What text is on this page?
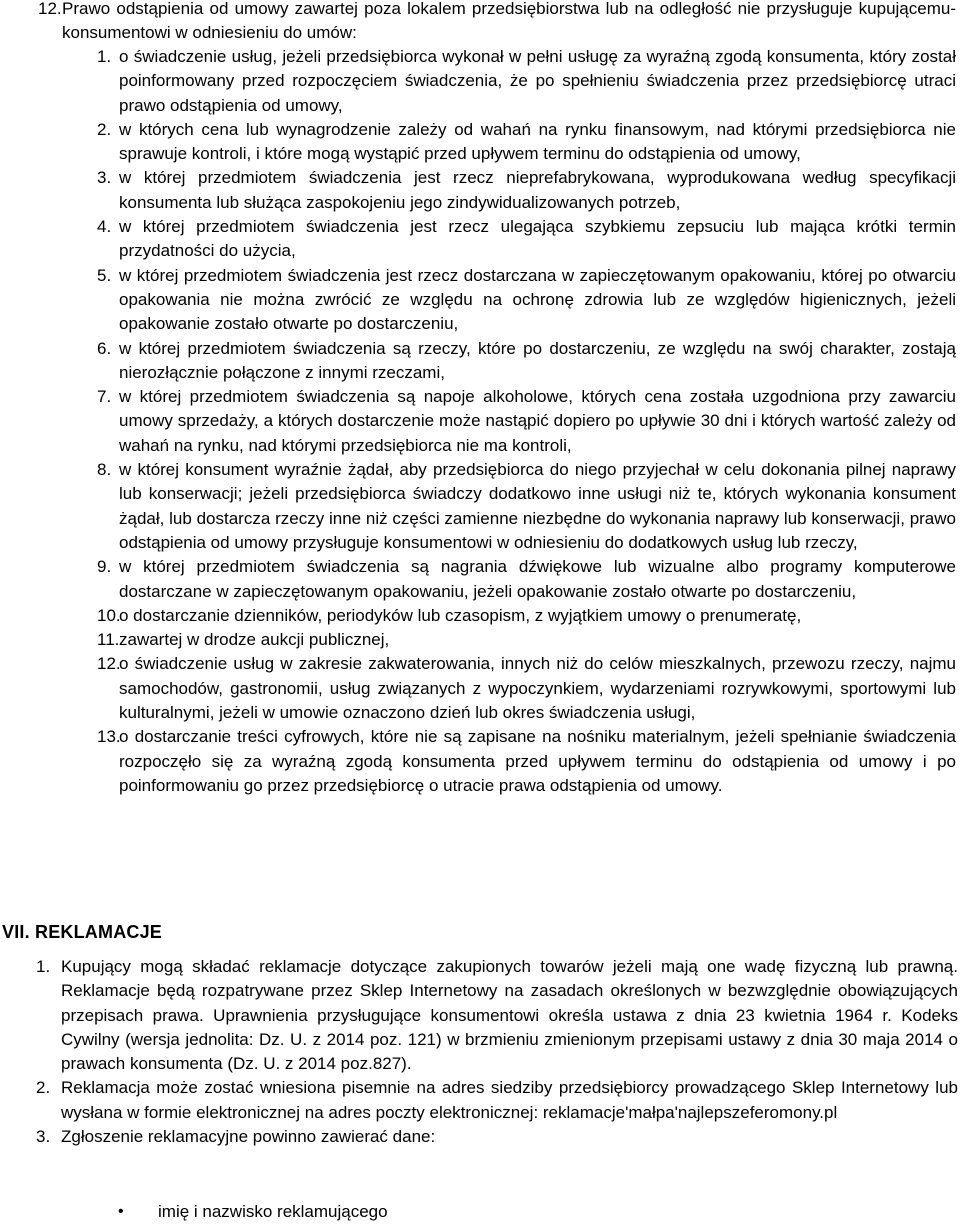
12. Prawo odstąpienia od umowy zawartej poza lokalem przedsiębiorstwa lub na odległość nie przysługuje kupującemu-konsumentowi w odniesieniu do umów:
1. o świadczenie usług, jeżeli przedsiębiorca wykonał w pełni usługę za wyraźną zgodą konsumenta, który został poinformowany przed rozpoczęciem świadczenia, że po spełnieniu świadczenia przez przedsiębiorcę utraci prawo odstąpienia od umowy,
2. w których cena lub wynagrodzenie zależy od wahań na rynku finansowym, nad którymi przedsiębiorca nie sprawuje kontroli, i które mogą wystąpić przed upływem terminu do odstąpienia od umowy,
3. w której przedmiotem świadczenia jest rzecz nieprefabrykowana, wyprodukowana według specyfikacji konsumenta lub służąca zaspokojeniu jego zindywidualizowanych potrzeb,
4. w której przedmiotem świadczenia jest rzecz ulegająca szybkiemu zepsuciu lub mająca krótki termin przydatności do użycia,
5. w której przedmiotem świadczenia jest rzecz dostarczana w zapieczętowanym opakowaniu, której po otwarciu opakowania nie można zwrócić ze względu na ochronę zdrowia lub ze względów higienicznych, jeżeli opakowanie zostało otwarte po dostarczeniu,
6. w której przedmiotem świadczenia są rzeczy, które po dostarczeniu, ze względu na swój charakter, zostają nierozłącznie połączone z innymi rzeczami,
7. w której przedmiotem świadczenia są napoje alkoholowe, których cena została uzgodniona przy zawarciu umowy sprzedaży, a których dostarczenie może nastąpić dopiero po upływie 30 dni i których wartość zależy od wahań na rynku, nad którymi przedsiębiorca nie ma kontroli,
8. w której konsument wyraźnie żądał, aby przedsiębiorca do niego przyjechał w celu dokonania pilnej naprawy lub konserwacji; jeżeli przedsiębiorca świadczy dodatkowo inne usługi niż te, których wykonania konsument żądał, lub dostarcza rzeczy inne niż części zamienne niezbędne do wykonania naprawy lub konserwacji, prawo odstąpienia od umowy przysługuje konsumentowi w odniesieniu do dodatkowych usług lub rzeczy,
9. w której przedmiotem świadczenia są nagrania dźwiękowe lub wizualne albo programy komputerowe dostarczane w zapieczętowanym opakowaniu, jeżeli opakowanie zostało otwarte po dostarczeniu,
10.
o dostarczanie dzienników, periodyków lub czasopism, z wyjątkiem umowy o prenumeratę,
11. zawartej w drodze aukcji publicznej,
12.
o świadczenie usług w zakresie zakwaterowania, innych niż do celów mieszkalnych, przewozu rzeczy, najmu samochodów, gastronomii, usług związanych z wypoczynkiem, wydarzeniami rozrywkowymi, sportowymi lub kulturalnymi, jeżeli w umowie oznaczono dzień lub okres świadczenia usługi,
13.
o dostarczanie treści cyfrowych, które nie są zapisane na nośniku materialnym, jeżeli spełnianie świadczenia rozpoczęło się za wyraźną zgodą konsumenta przed upływem terminu do odstąpienia od umowy i po poinformowaniu go przez przedsiębiorcę o utracie prawa odstąpienia od umowy.
VII. REKLAMACJE
1. Kupujący mogą składać reklamacje dotyczące zakupionych towarów jeżeli mają one wadę fizyczną lub prawną. Reklamacje będą rozpatrywane przez Sklep Internetowy na zasadach określonych w bezwzględnie obowiązujących przepisach prawa. Uprawnienia przysługujące konsumentowi określa ustawa z dnia 23 kwietnia 1964 r. Kodeks Cywilny (wersja jednolita: Dz. U. z 2014 poz. 121) w brzmieniu zmienionym przepisami ustawy z dnia 30 maja 2014 o prawach konsumenta (Dz. U. z 2014 poz.827).
2. Reklamacja może zostać wniesiona pisemnie na adres siedziby przedsiębiorcy prowadzącego Sklep Internetowy lub wysłana w formie elektronicznej na adres poczty elektronicznej: reklamacje'małpa'najlepszeferomony.pl
3. Zgłoszenie reklamacyjne powinno zawierać dane:
•	imię i nazwisko reklamującego
